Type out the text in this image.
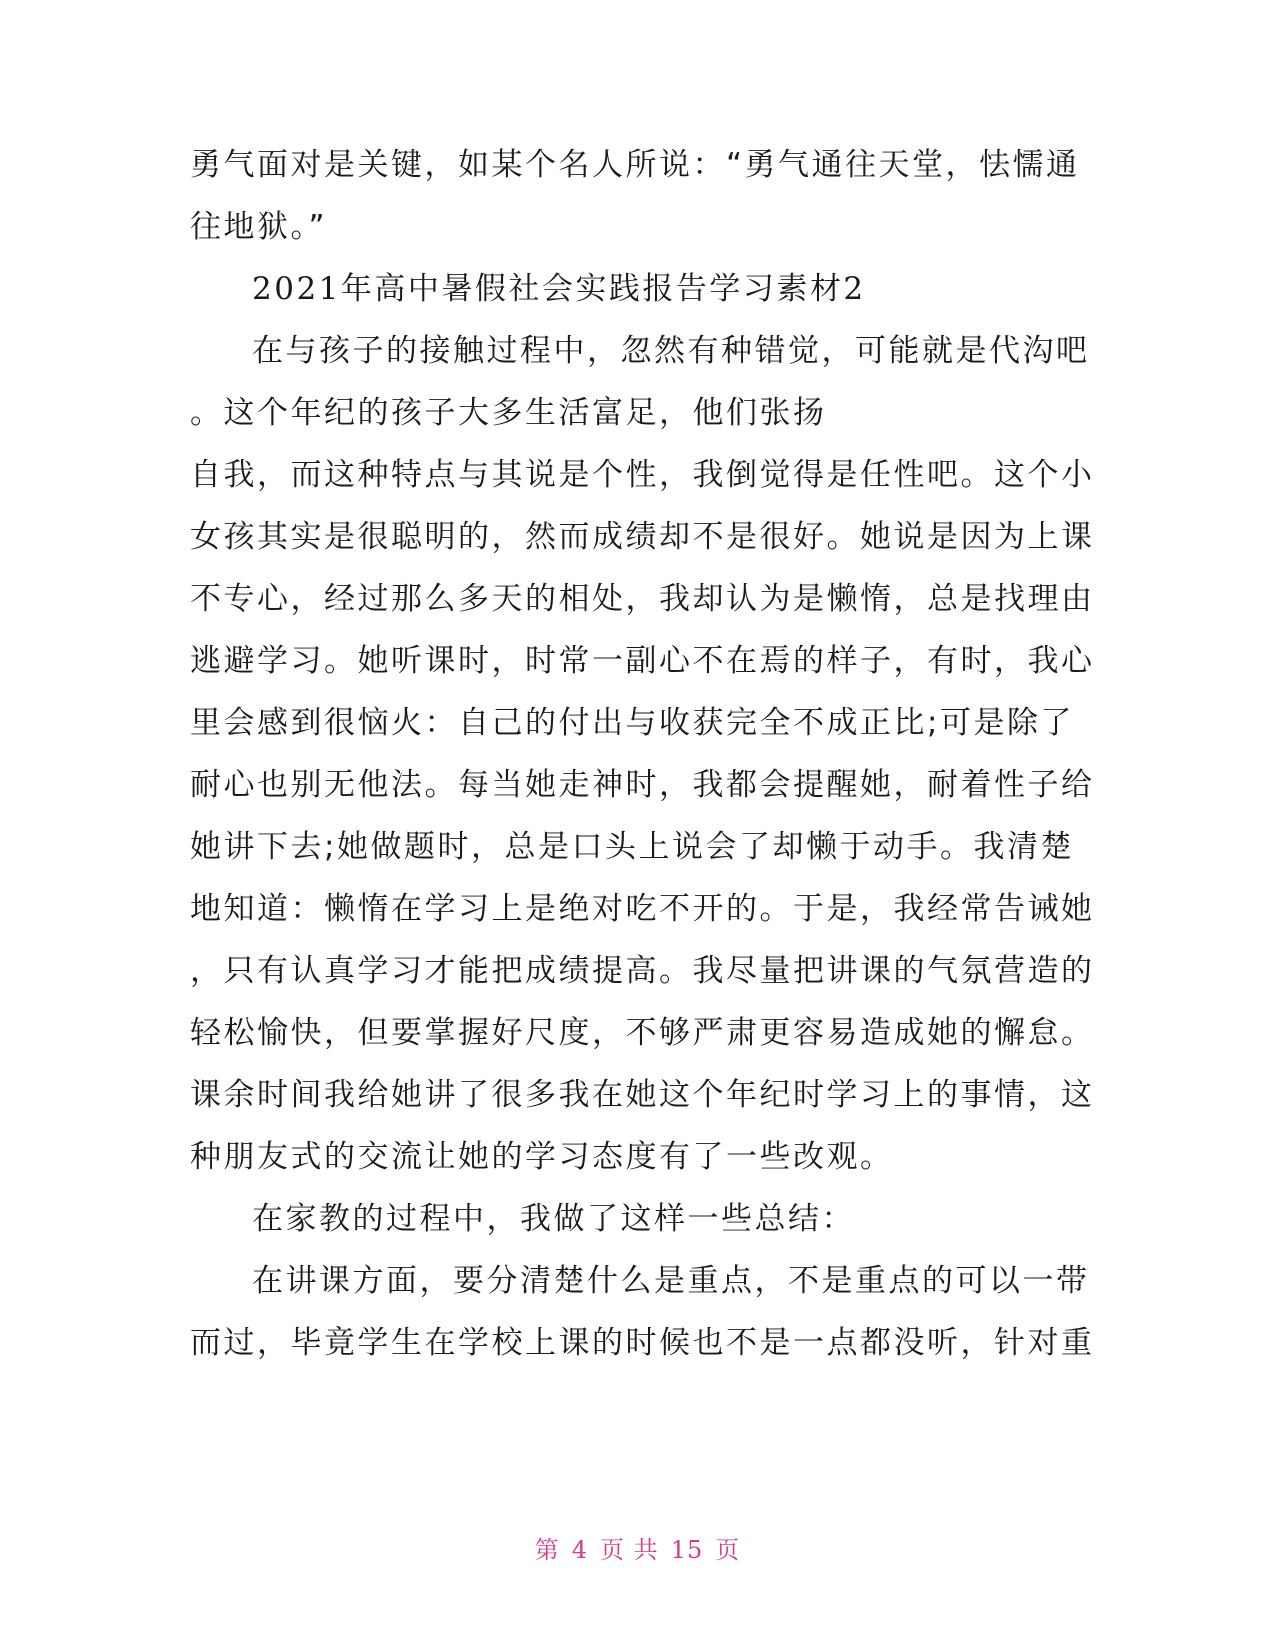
勇气面对是关键，如某个名人所说：“勇气通往天堂，怯懦通
往地狱。”
2021年高中暑假社会实践报告学习素材2
在与孩子的接触过程中，忽然有种错觉，可能就是代沟吧
。这个年纪的孩子大多生活富足，他们张扬
自我，而这种特点与其说是个性，我倒觉得是任性吧。这个小
女孩其实是很聪明的，然而成绩却不是很好。她说是因为上课
不专心，经过那么多天的相处，我却认为是懒惰，总是找理由
逃避学习。她听课时，时常一副心不在焉的样子，有时，我心
里会感到很恼火：自己的付出与收获完全不成正比;可是除了
耐心也别无他法。每当她走神时，我都会提醒她，耐着性子给
她讲下去;她做题时，总是口头上说会了却懒于动手。我清楚
地知道：懒惰在学习上是绝对吃不开的。于是，我经常告诫她
，只有认真学习才能把成绩提高。我尽量把讲课的气氛营造的
轻松愉快，但要掌握好尺度，不够严肃更容易造成她的懈怠。
课余时间我给她讲了很多我在她这个年纪时学习上的事情，这
种朋友式的交流让她的学习态度有了一些改观。
在家教的过程中，我做了这样一些总结：
在讲课方面，要分清楚什么是重点，不是重点的可以一带
而过，毕竟学生在学校上课的时候也不是一点都没听，针对重
第 4 页 共 15 页
